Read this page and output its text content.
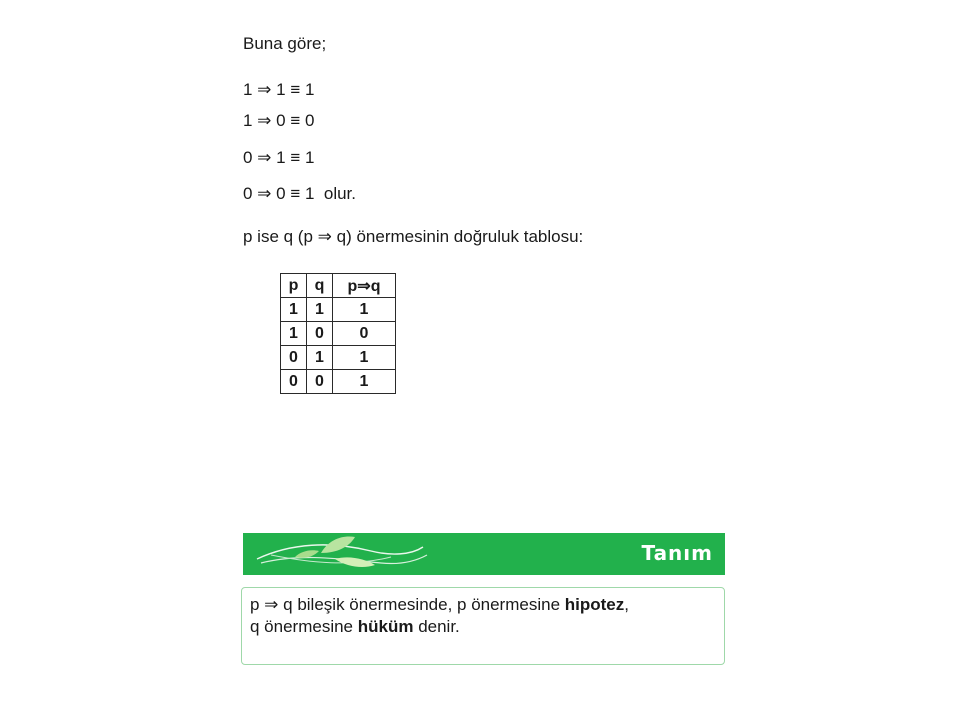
Buna göre;
1 ⇒ 1 ≡ 1
1 ⇒ 0 ≡ 0
0 ⇒ 1 ≡ 1
0 ⇒ 0 ≡ 1  olur.
p ise q (p ⇒ q) önermesinin doğruluk tablosu:
p	q	p⇒q
1	1	1
1	0	0
0	1	1
0	0	1
Tanım
p ⇒ q bileşik önermesinde, p önermesine hipotez,
q önermesine hüküm denir.
